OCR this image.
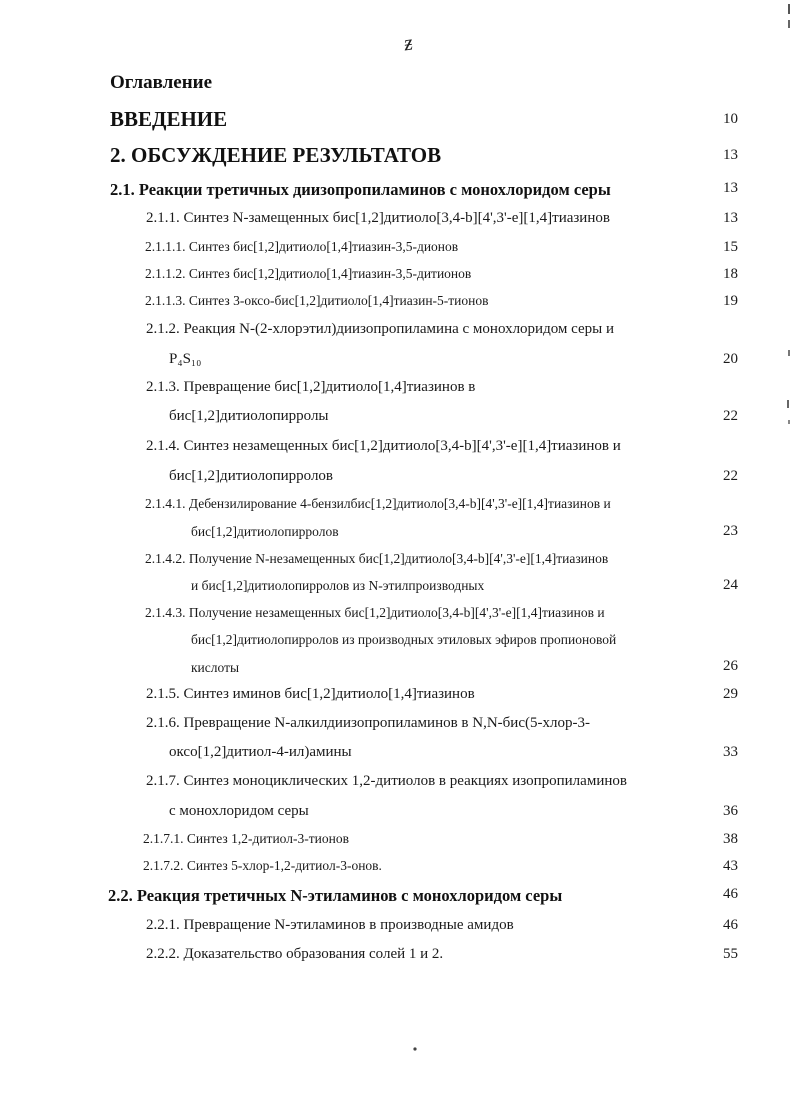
ƶ
Оглавление
ВВЕДЕНИЕ	10
2. ОБСУЖДЕНИЕ РЕЗУЛЬТАТОВ	13
2.1. Реакции третичных диизопропиламинов с монохлоридом серы	13
2.1.1. Синтез N-замещенных бис[1,2]дитиоло[3,4-b][4',3'-e][1,4]тиазинов	13
2.1.1.1. Синтез бис[1,2]дитиоло[1,4]тиазин-3,5-дионов	15
2.1.1.2. Синтез бис[1,2]дитиоло[1,4]тиазин-3,5-дитионов	18
2.1.1.3. Синтез 3-оксо-бис[1,2]дитиоло[1,4]тиазин-5-тионов	19
2.1.2. Реакция N-(2-хлорэтил)диизопропиламина с монохлоридом серы и
P₄S₁₀	20
2.1.3. Превращение бис[1,2]дитиоло[1,4]тиазинов в
бис[1,2]дитиолопирролы	22
2.1.4. Синтез незамещенных бис[1,2]дитиоло[3,4-b][4',3'-e][1,4]тиазинов и
бис[1,2]дитиолопирролов	22
2.1.4.1. Дебензилирование 4-бензилбис[1,2]дитиоло[3,4-b][4',3'-e][1,4]тиазинов и
бис[1,2]дитиолопирролов	23
2.1.4.2. Получение N-незамещенных бис[1,2]дитиоло[3,4-b][4',3'-e][1,4]тиазинов
и бис[1,2]дитиолопирролов из N-этилпроизводных	24
2.1.4.3. Получение незамещенных бис[1,2]дитиоло[3,4-b][4',3'-e][1,4]тиазинов и
бис[1,2]дитиолопирролов из производных этиловых эфиров пропионовой
кислоты	26
2.1.5. Синтез иминов бис[1,2]дитиоло[1,4]тиазинов	29
2.1.6. Превращение N-алкилдиизопропиламинов в N,N-бис(5-хлор-3-
оксо[1,2]дитиол-4-ил)амины	33
2.1.7. Синтез моноциклических 1,2-дитиолов в реакциях изопропиламинов
с монохлоридом серы	36
2.1.7.1. Синтез 1,2-дитиол-3-тионов	38
2.1.7.2. Синтез 5-хлор-1,2-дитиол-3-онов.	43
2.2. Реакция третичных N-этиламинов с монохлоридом серы	46
2.2.1. Превращение N-этиламинов в производные амидов	46
2.2.2. Доказательство образования солей 1 и 2.	55
